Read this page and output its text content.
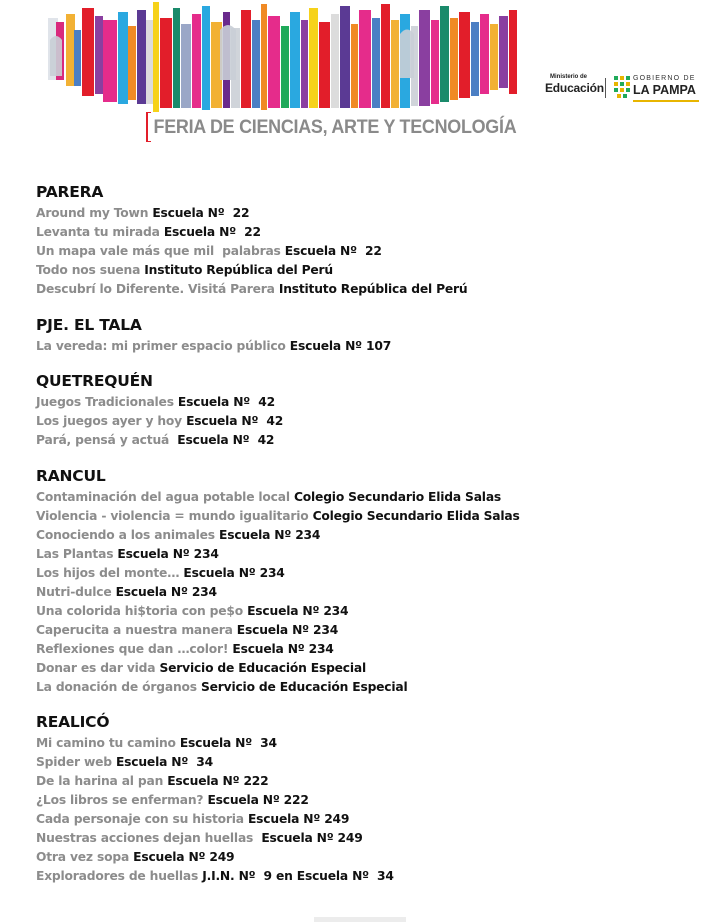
FERIA DE CIENCIAS, ARTE Y TECNOLOGÍA
Ministerio de
Educación
GOBIERNO DE
LA PAMPA
PARERA
Around my Town Escuela Nº  22
Levanta tu mirada Escuela Nº  22
Un mapa vale más que mil  palabras Escuela Nº  22
Todo nos suena Instituto República del Perú
Descubrí lo Diferente. Visitá Parera Instituto República del Perú
PJE. EL TALA
La vereda: mi primer espacio público Escuela Nº 107
QUETREQUÉN
Juegos Tradicionales Escuela Nº  42
Los juegos ayer y hoy Escuela Nº  42
Pará, pensá y actuá  Escuela Nº  42
RANCUL
Contaminación del agua potable local Colegio Secundario Elida Salas
Violencia - violencia = mundo igualitario Colegio Secundario Elida Salas
Conociendo a los animales Escuela Nº 234
Las Plantas Escuela Nº 234
Los hijos del monte… Escuela Nº 234
Nutri-dulce Escuela Nº 234
Una colorida hi$toria con pe$o Escuela Nº 234
Caperucita a nuestra manera Escuela Nº 234
Reflexiones que dan …color! Escuela Nº 234
Donar es dar vida Servicio de Educación Especial
La donación de órganos Servicio de Educación Especial
REALICÓ
Mi camino tu camino Escuela Nº  34
Spider web Escuela Nº  34
De la harina al pan Escuela Nº 222
¿Los libros se enferman? Escuela Nº 222
Cada personaje con su historia Escuela Nº 249
Nuestras acciones dejan huellas  Escuela Nº 249
Otra vez sopa Escuela Nº 249
Exploradores de huellas J.I.N. Nº  9 en Escuela Nº  34
